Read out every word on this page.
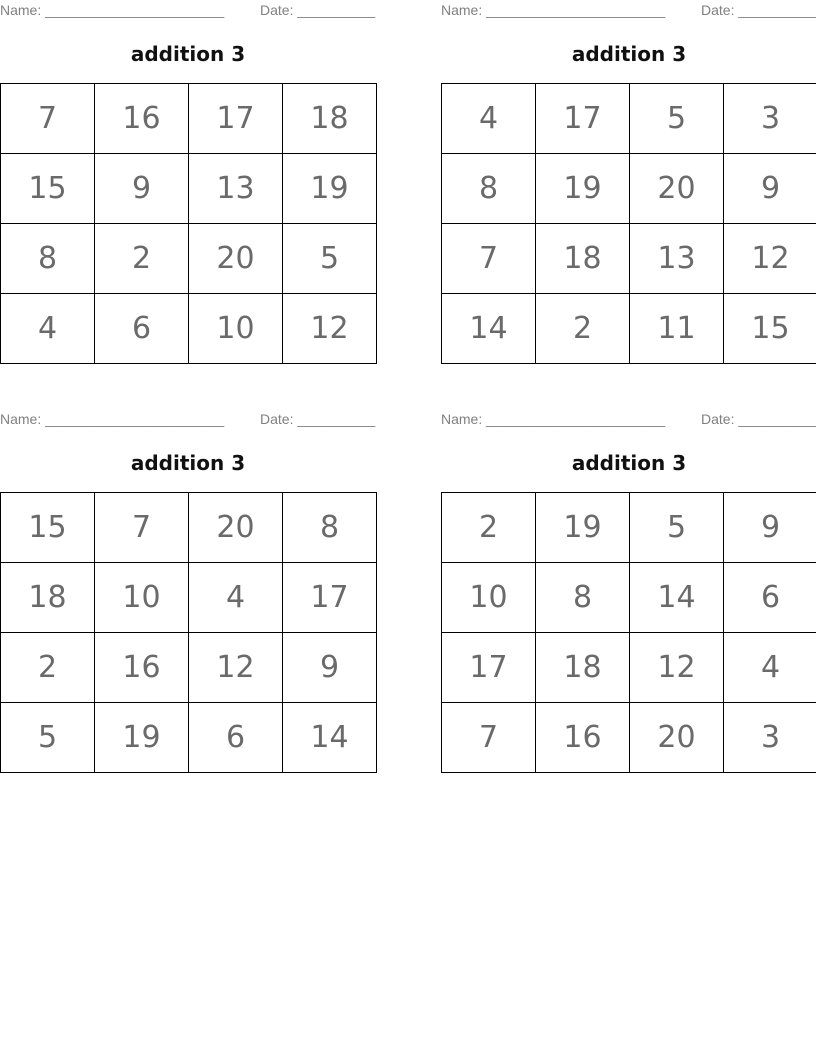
Name: _______________________	Date: __________
addition 3
7	16	17	18
15	9	13	19
8	2	20	5
4	6	10	12
Name: _______________________	Date: __________
addition 3
4	17	5	3
8	19	20	9
7	18	13	12
14	2	11	15
Name: _______________________	Date: __________
addition 3
15	7	20	8
18	10	4	17
2	16	12	9
5	19	6	14
Name: _______________________	Date: __________
addition 3
2	19	5	9
10	8	14	6
17	18	12	4
7	16	20	3
